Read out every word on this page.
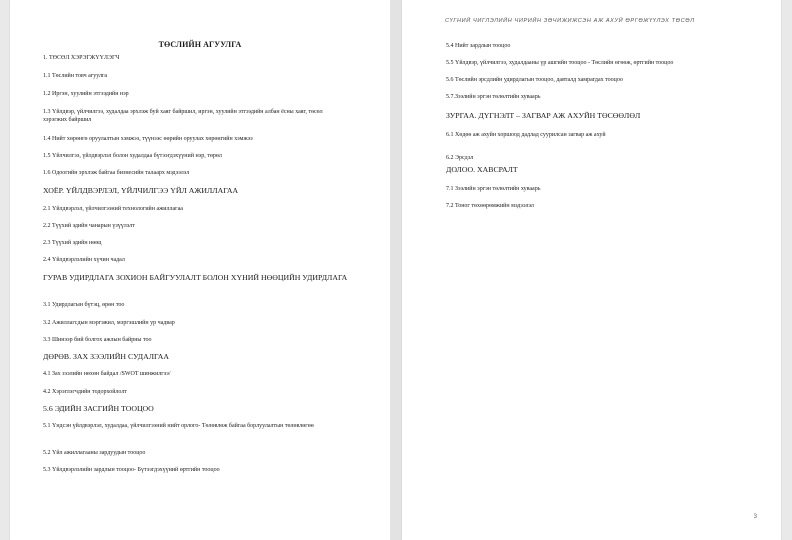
ТӨСЛИЙН АГУУЛГА
1. ТӨСӨЛ ХЭРЭГЖҮҮЛЭГЧ
1.1 Төслийн товч агуулга
1.2 Иргэн, хуулийн этгээдийн нэр
1.3 Үйлдвэр, үйлчилгээ, худалдаа эрхлэж буй хаяг байршил, иргэн, хуулийн этгээдийн албан ёсны хаяг, төсөл хэрэгжих байршил
1.4 Нийт хөрөнгө оруулалтын хэмжээ, түүнээс өөрийн оруулах хөрөнгийн хэмжээ
1.5 Үйлчилгээ, үйлдвэрлэл болон худалдаа бүтээгдэхүүний нэр, төрөл
1.6 Одоогийн эрхлэж байгаа бизнесийн талаарх мэдээлэл
ХОЁР. ҮЙЛДВЭРЛЭЛ, ҮЙЛЧИЛГЭЭ ҮЙЛ АЖИЛЛАГАА
2.1 Үйлдвэрлэл, үйлчилгээний технологийн ажиллагаа
2.2 Түүхий эдийн чанарын үзүүлэлт
2.3 Түүхий эдийн нөөц
2.4 Үйлдвэрлэлийн хүчин чадал
ГУРАВ УДИРДЛАГА ЗОХИОН БАЙГУУЛАЛТ БОЛОН ХҮНИЙ НӨӨЦИЙН УДИРДЛАГА
3.1 Удирдлагын бүтэц, өрөн тоо
3.2 Ажиллагсдын мэргэжил, мэргэшлийн ур чадвар
3.3 Шинээр бий болгох ажлын байрны тоо
ДӨРӨВ. ЗАХ ЗЭЭЛИЙН СУДАЛГАА
4.1 Зах зээлийн нөхөн байдал /SWOT шинжилгээ/
4.2 Хэрэглэгчдийн тодорхойлолт
5.6 ЭДИЙН ЗАСГИЙН ТООЦОО
5.1 Үндсэн үйлдвэрлэл, худалдаа, үйлчилгээний нийт орлого- Төлөвлөж байгаа борлуулалтын төлөвлөгөө
5.2 Үйл ажиллагааны зардуудын тооцоо
5.3 Үйлдвэрлэлийн зардлын тооцоо- Бүтээгдэхүүний өртгийн тооцоо
СҮГНИЙ ЧИГЛЭЛИЙН ЧИРИЙН ЗӨЧИЖИЖСЭН АЖ АХУЙ ӨРГӨЖҮҮЛЭХ ТӨСӨЛ
5.4 Нийт зардлын тооцоо
5.5 Үйлдвэр, үйлчилгээ, худалдааны үр ашгийн тооцоо - Төслийн өгөөж, өртгийн тооцоо
5.6 Төслийн эрсдлийн удирдлагын тооцоо, давталд хамрагдах тооцоо
5.7.Зээлийн эргэн төлөлтийн хуваарь
ЗУРГАА. ДҮГНЭЛТ – ЗАГВАР АЖ АХУЙН ТӨСӨӨЛӨЛ
6.1 Хөдөө аж ахуйн хоршоод дадлад суурилсан загвар аж ахуй
6.2 Эрсдэл
ДОЛОО. ХАВСРАЛТ
7.1 Зээлийн эргэн төлөлтийн хуваарь
7.2 Тоног төхөөрөмжийн мэдээлэл
3
